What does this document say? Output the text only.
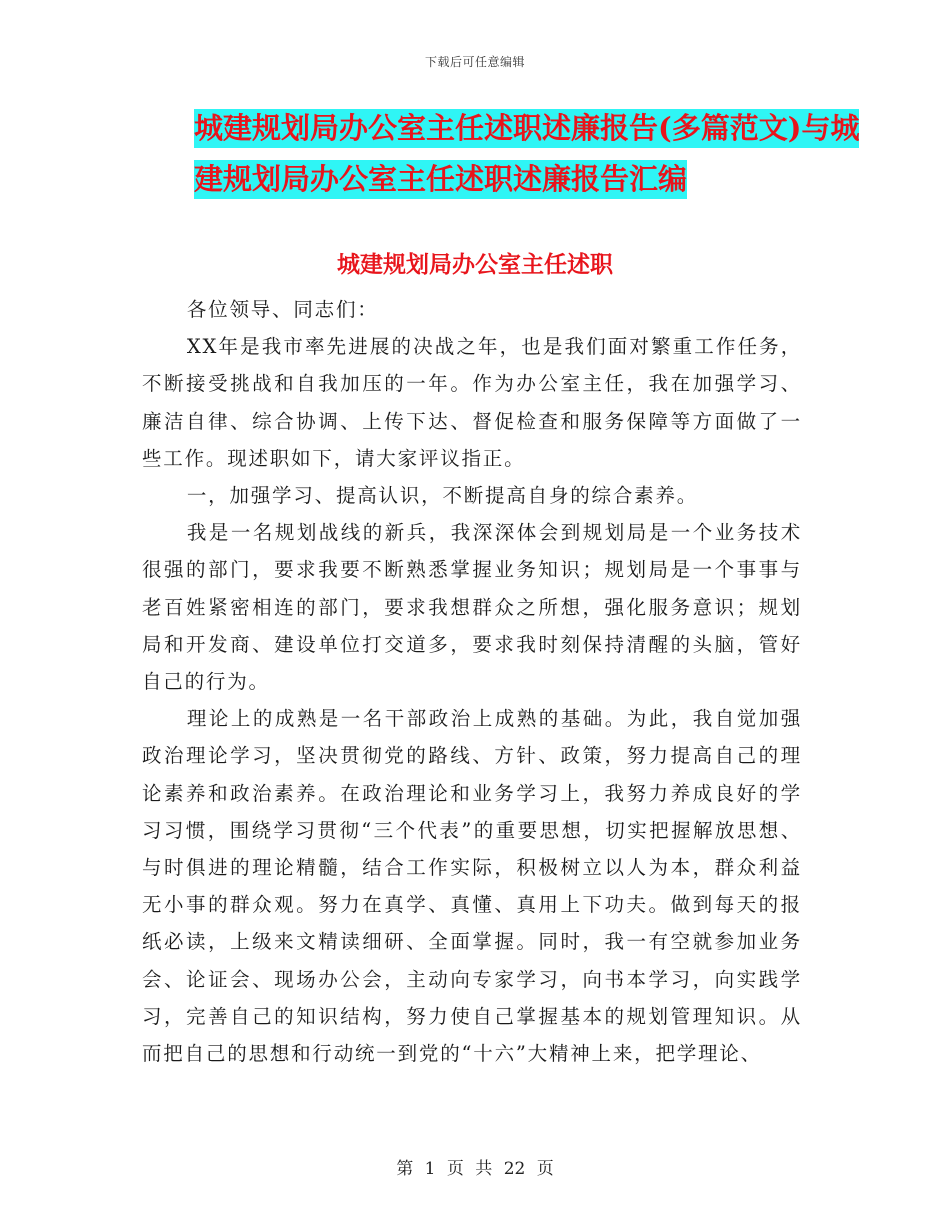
下载后可任意编辑
城建规划局办公室主任述职述廉报告(多篇范文)与城
建规划局办公室主任述职述廉报告汇编
城建规划局办公室主任述职

各位领导、同志们：

XX年是我市率先进展的决战之年，也是我们面对繁重工作任务，不断接受挑战和自我加压的一年。作为办公室主任，我在加强学习、廉洁自律、综合协调、上传下达、督促检查和服务保障等方面做了一些工作。现述职如下，请大家评议指正。

一，加强学习、提高认识，不断提高自身的综合素养。

我是一名规划战线的新兵，我深深体会到规划局是一个业务技术很强的部门，要求我要不断熟悉掌握业务知识；规划局是一个事事与老百姓紧密相连的部门，要求我想群众之所想，强化服务意识；规划局和开发商、建设单位打交道多，要求我时刻保持清醒的头脑，管好自己的行为。

理论上的成熟是一名干部政治上成熟的基础。为此，我自觉加强政治理论学习，坚决贯彻党的路线、方针、政策，努力提高自己的理论素养和政治素养。在政治理论和业务学习上，我努力养成良好的学习习惯，围绕学习贯彻“三个代表”的重要思想，切实把握解放思想、与时俱进的理论精髓，结合工作实际，积极树立以人为本，群众利益无小事的群众观。努力在真学、真懂、真用上下功夫。做到每天的报纸必读，上级来文精读细研、全面掌握。同时，我一有空就参加业务会、论证会、现场办公会，主动向专家学习，向书本学习，向实践学习，完善自己的知识结构，努力使自己掌握基本的规划管理知识。从而把自己的思想和行动统一到党的“十六”大精神上来，把学理论、

第 1 页 共 22 页
